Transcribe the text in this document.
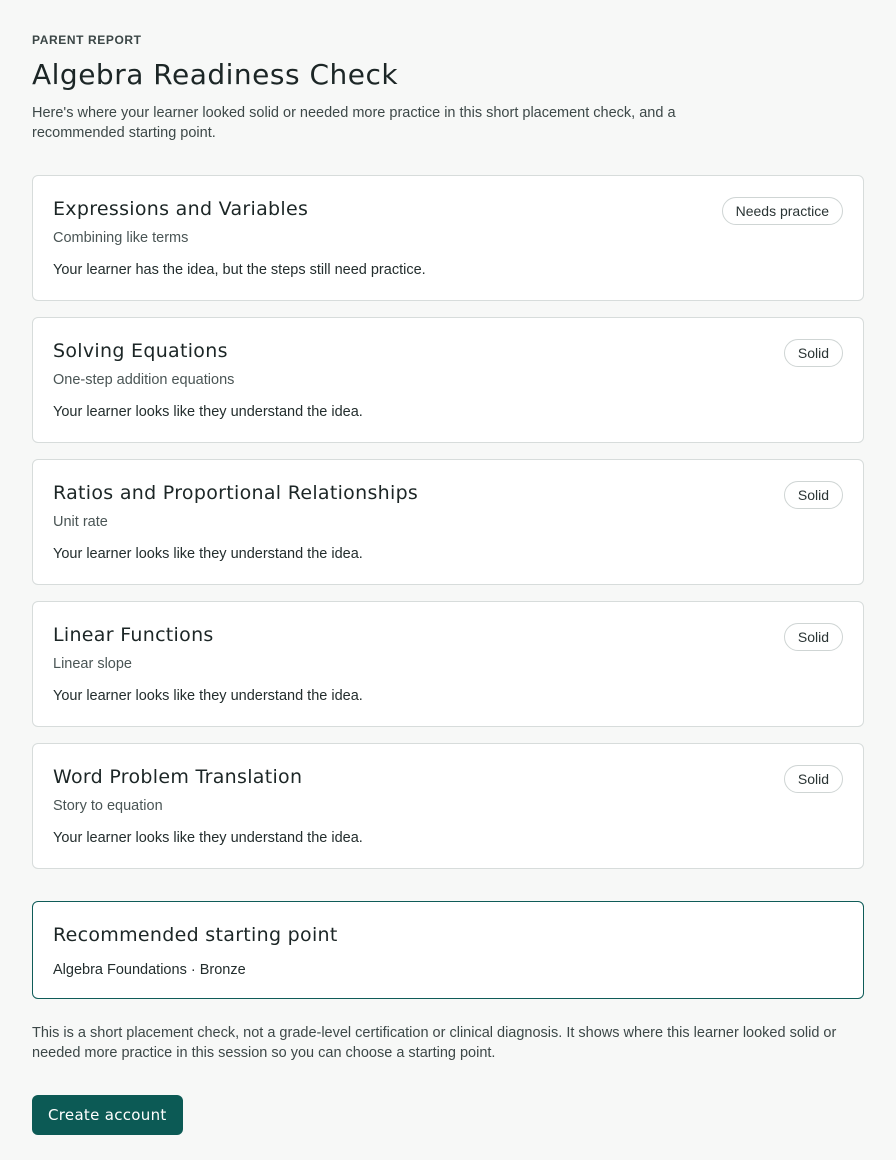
PARENT REPORT

Algebra Readiness Check

Here's where your learner looked solid or needed more practice in this short placement check, and a recommended starting point.

Expressions and Variables
Combining like terms
Your learner has the idea, but the steps still need practice.
Needs practice
Solving Equations
One-step addition equations
Your learner looks like they understand the idea.
Solid
Ratios and Proportional Relationships
Unit rate
Your learner looks like they understand the idea.
Solid
Linear Functions
Linear slope
Your learner looks like they understand the idea.
Solid
Word Problem Translation
Story to equation
Your learner looks like they understand the idea.
Solid
Recommended starting point
Algebra Foundations · Bronze

This is a short placement check, not a grade-level certification or clinical diagnosis. It shows where this learner looked solid or needed more practice in this session so you can choose a starting point.

Create account
